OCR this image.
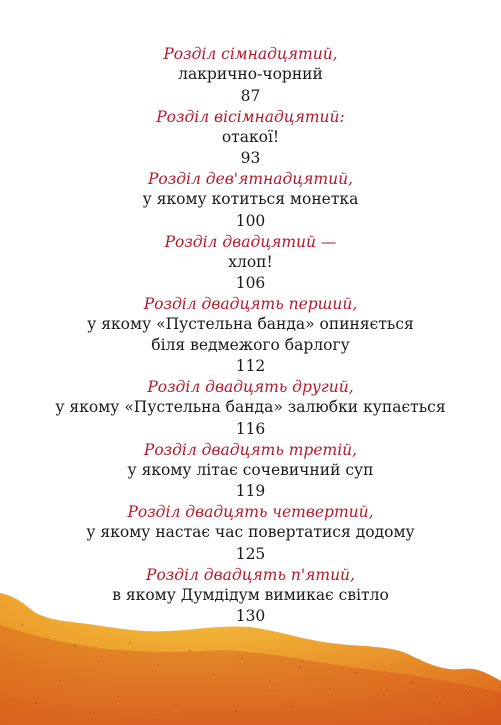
Розділ сімнадцятий,
лакрично-чорний
87
Розділ вісімнадцятий:
отакої!
93
Розділ дев'ятнадцятий,
у якому котиться монетка
100
Розділ двадцятий —
хлоп!
106
Розділ двадцять перший,
у якому «Пустельна банда» опиняється
біля ведмежого барлогу
112
Розділ двадцять другий,
у якому «Пустельна банда» залюбки купається
116
Розділ двадцять третій,
у якому літає сочевичний суп
119
Розділ двадцять четвертий,
у якому настає час повертатися додому
125
Розділ двадцять п'ятий,
в якому Думдідум вимикає світло
130
